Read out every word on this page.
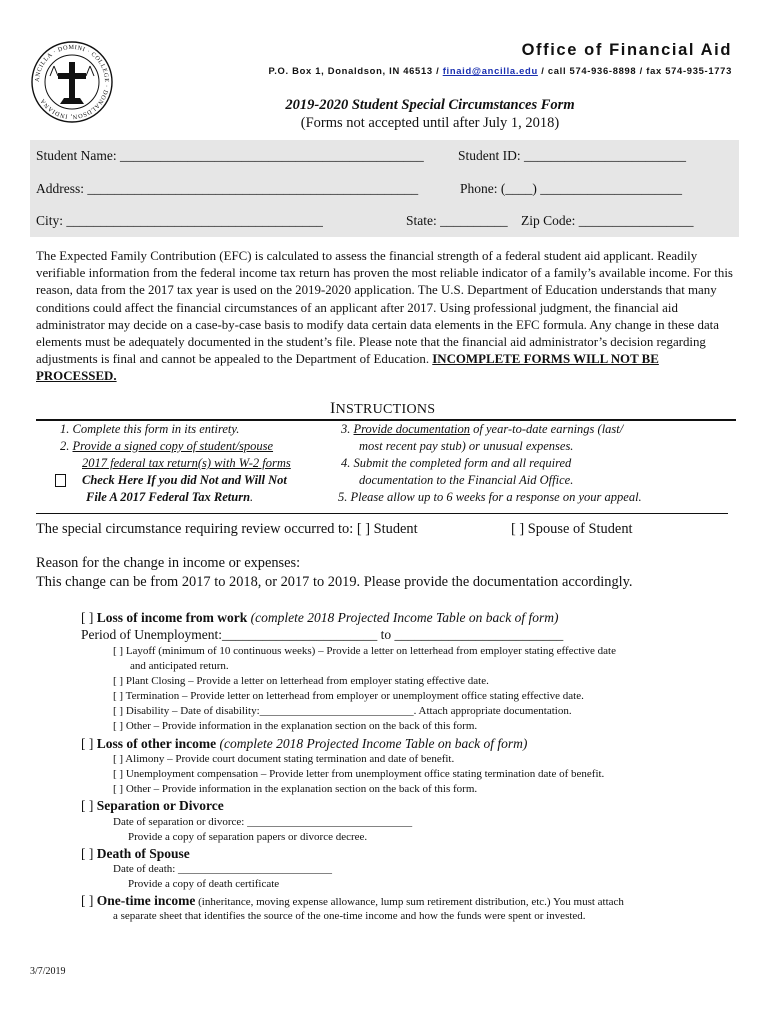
ANCILLA · DOMINI · COLLEGE · DONALDSON, INDIANA
Office of Financial Aid
P.O. Box 1, Donaldson, IN 46513 / finaid@ancilla.edu / call 574-936-8898 / fax 574-935-1773
2019-2020 Student Special Circumstances Form
(Forms not accepted until after July 1, 2018)
Student Name: _____________________________________________	Student ID: ________________________
Address: _________________________________________________	Phone: (____) _____________________
City: ______________________________________	State: __________ Zip Code: _________________
The Expected Family Contribution (EFC) is calculated to assess the financial strength of a federal student aid applicant. Readily verifiable information from the federal income tax return has proven the most reliable indicator of a family’s available income. For this reason, data from the 2017 tax year is used on the 2019-2020 application. The U.S. Department of Education understands that many conditions could affect the financial circumstances of an applicant after 2017. Using professional judgment, the financial aid administrator may decide on a case-by-case basis to modify data certain data elements in the EFC formula. Any change in these data elements must be adequately documented in the student’s file. Please note that the financial aid administrator’s decision regarding adjustments is final and cannot be appealed to the Department of Education. INCOMPLETE FORMS WILL NOT BE PROCESSED.
INSTRUCTIONS
1. Complete this form in its entirety.
2. Provide a signed copy of student/spouse
2017 federal tax return(s) with W-2 forms
Check Here If you did Not and Will Not
File A 2017 Federal Tax Return.
3. Provide documentation of year-to-date earnings (last/
most recent pay stub) or unusual expenses.
4. Submit the completed form and all required
documentation to the Financial Aid Office.
5. Please allow up to 6 weeks for a response on your appeal.
The special circumstance requiring review occurred to: [ ] Student	[ ] Spouse of Student
Reason for the change in income or expenses:
This change can be from 2017 to 2018, or 2017 to 2019. Please provide the documentation accordingly.
[ ] Loss of income from work (complete 2018 Projected Income Table on back of form)
Period of Unemployment:_______________________ to _________________________
[ ] Layoff (minimum of 10 continuous weeks) – Provide a letter on letterhead from employer stating effective date
and anticipated return.
[ ] Plant Closing – Provide a letter on letterhead from employer stating effective date.
[ ] Termination – Provide letter on letterhead from employer or unemployment office stating effective date.
[ ] Disability – Date of disability:____________________________. Attach appropriate documentation.
[ ] Other – Provide information in the explanation section on the back of this form.
[ ] Loss of other income (complete 2018 Projected Income Table on back of form)
[ ] Alimony – Provide court document stating termination and date of benefit.
[ ] Unemployment compensation – Provide letter from unemployment office stating termination date of benefit.
[ ] Other – Provide information in the explanation section on the back of this form.
[ ] Separation or Divorce
Date of separation or divorce: ______________________________
Provide a copy of separation papers or divorce decree.
[ ] Death of Spouse
Date of death: ____________________________
Provide a copy of death certificate
[ ] One-time income (inheritance, moving expense allowance, lump sum retirement distribution, etc.) You must attach
a separate sheet that identifies the source of the one-time income and how the funds were spent or invested.
3/7/2019
